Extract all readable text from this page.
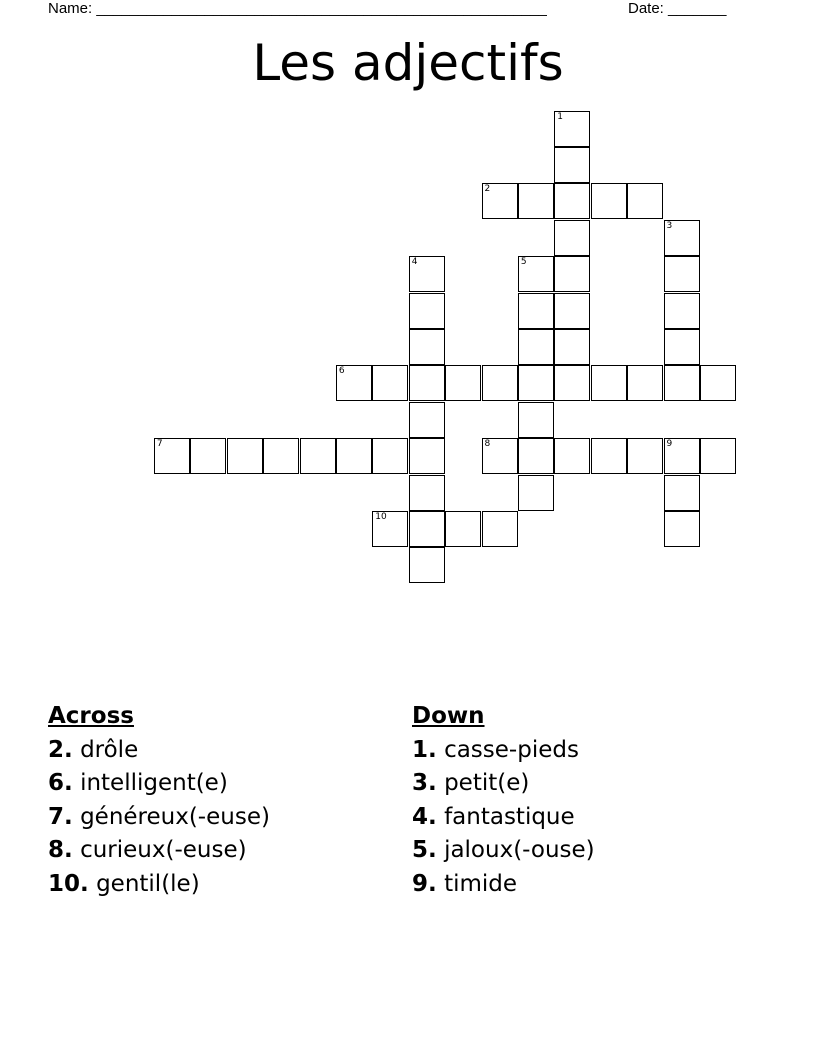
Name: ______________________________________________________	Date: _______
Les adjectifs
1
2
3
4	5
6
7	8	9
10
Across
2. drôle
6. intelligent(e)
7. généreux(-euse)
8. curieux(-euse)
10. gentil(le)
Down
1. casse-pieds
3. petit(e)
4. fantastique
5. jaloux(-ouse)
9. timide
